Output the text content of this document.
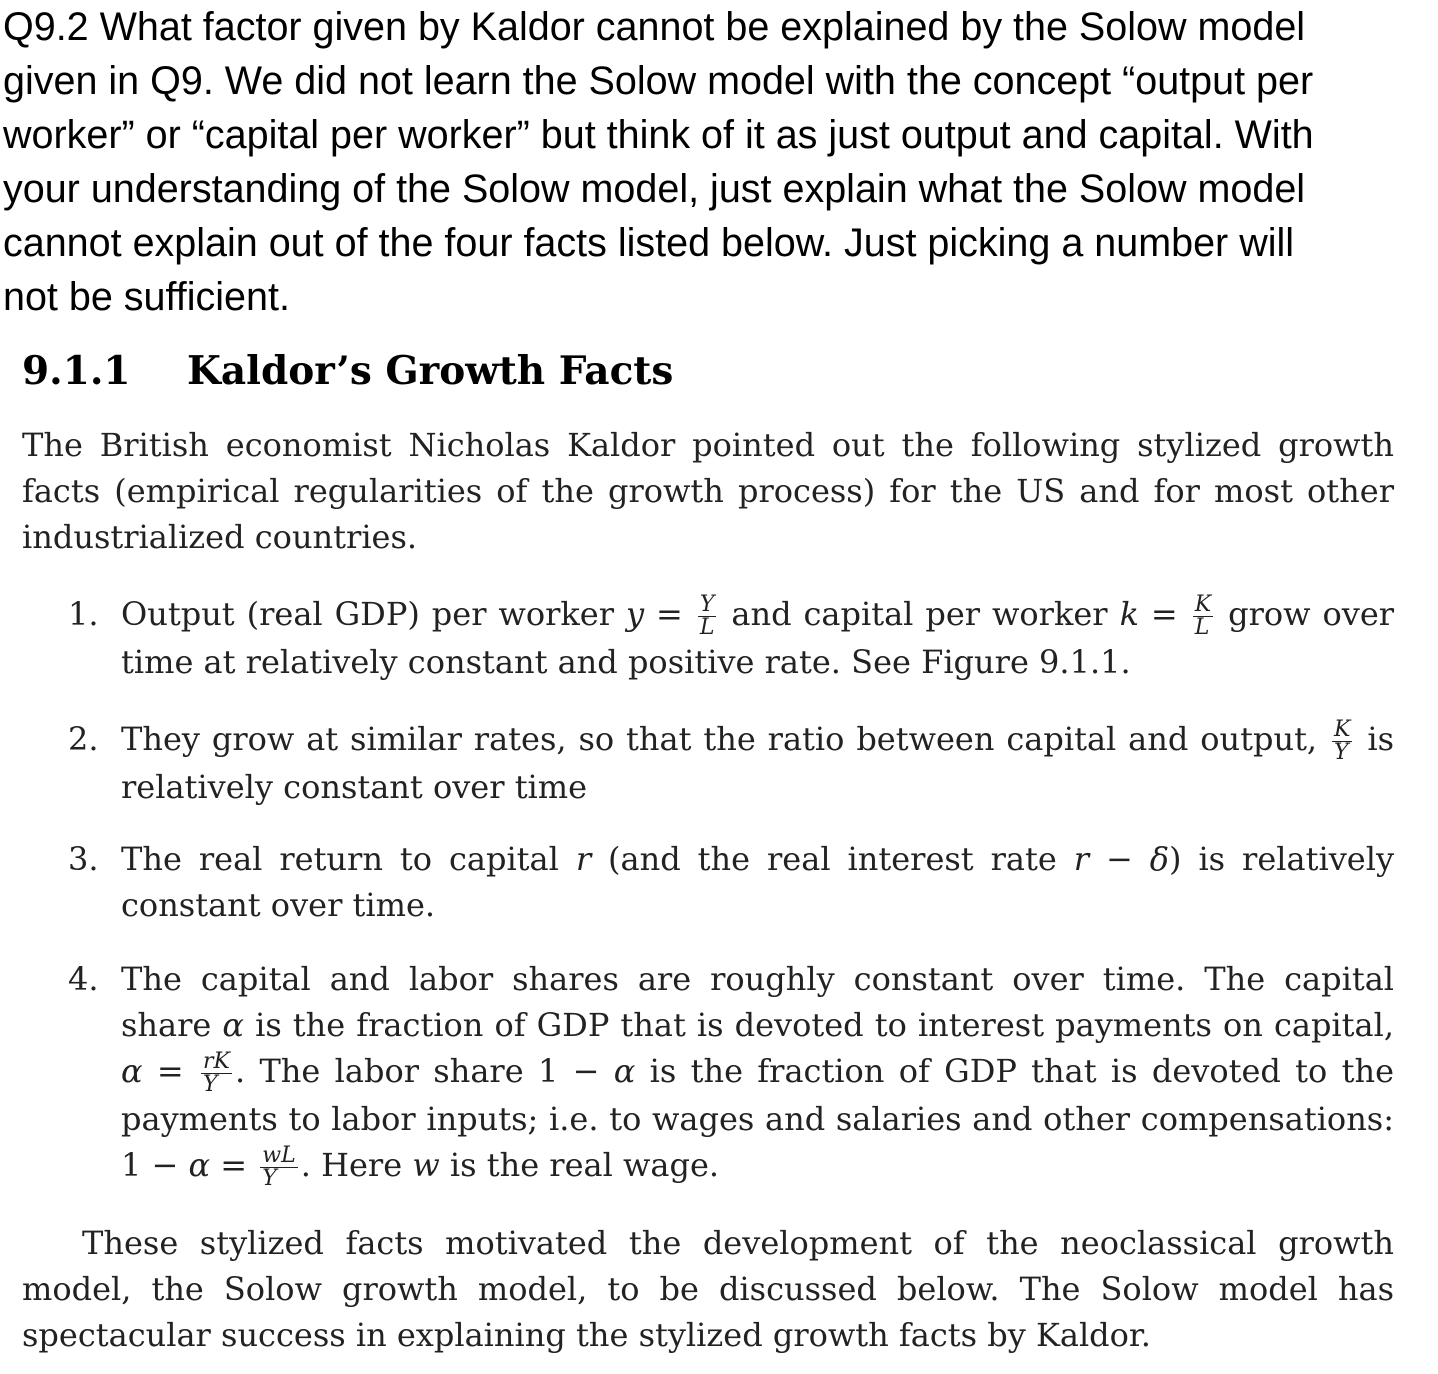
Q9.2 What factor given by Kaldor cannot be explained by the Solow model
given in Q9. We did not learn the Solow model with the concept “output per
worker” or “capital per worker” but think of it as just output and capital. With
your understanding of the Solow model, just explain what the Solow model
cannot explain out of the four facts listed below. Just picking a number will
not be sufficient.
9.1.1 Kaldor’s Growth Facts

The British economist Nicholas Kaldor pointed out the following stylized growth facts (empirical regularities of the growth process) for the US and for most other industrialized countries.

1. Output (real GDP) per worker $y = \frac{Y}{L}$ and capital per worker $k = \frac{K}{L}$ grow over time at relatively constant and positive rate. See Figure 9.1.1.
2. They grow at similar rates, so that the ratio between capital and output, $\frac{K}{Y}$ is relatively constant over time
3. The real return to capital r (and the real interest rate r − δ) is relatively constant over time.
4. The capital and labor shares are roughly constant over time. The capital share α is the fraction of GDP that is devoted to interest payments on capital, $\alpha = \frac{rK}{Y}$ . The labor share 1 − α is the fraction of GDP that is devoted to the payments to labor inputs; i.e. to wages and salaries and other compensations: $1 - \alpha = \frac{wL}{Y}$ . Here w is the real wage.

These stylized facts motivated the development of the neoclassical growth model, the Solow growth model, to be discussed below. The Solow model has spectacular success in explaining the stylized growth facts by Kaldor.
